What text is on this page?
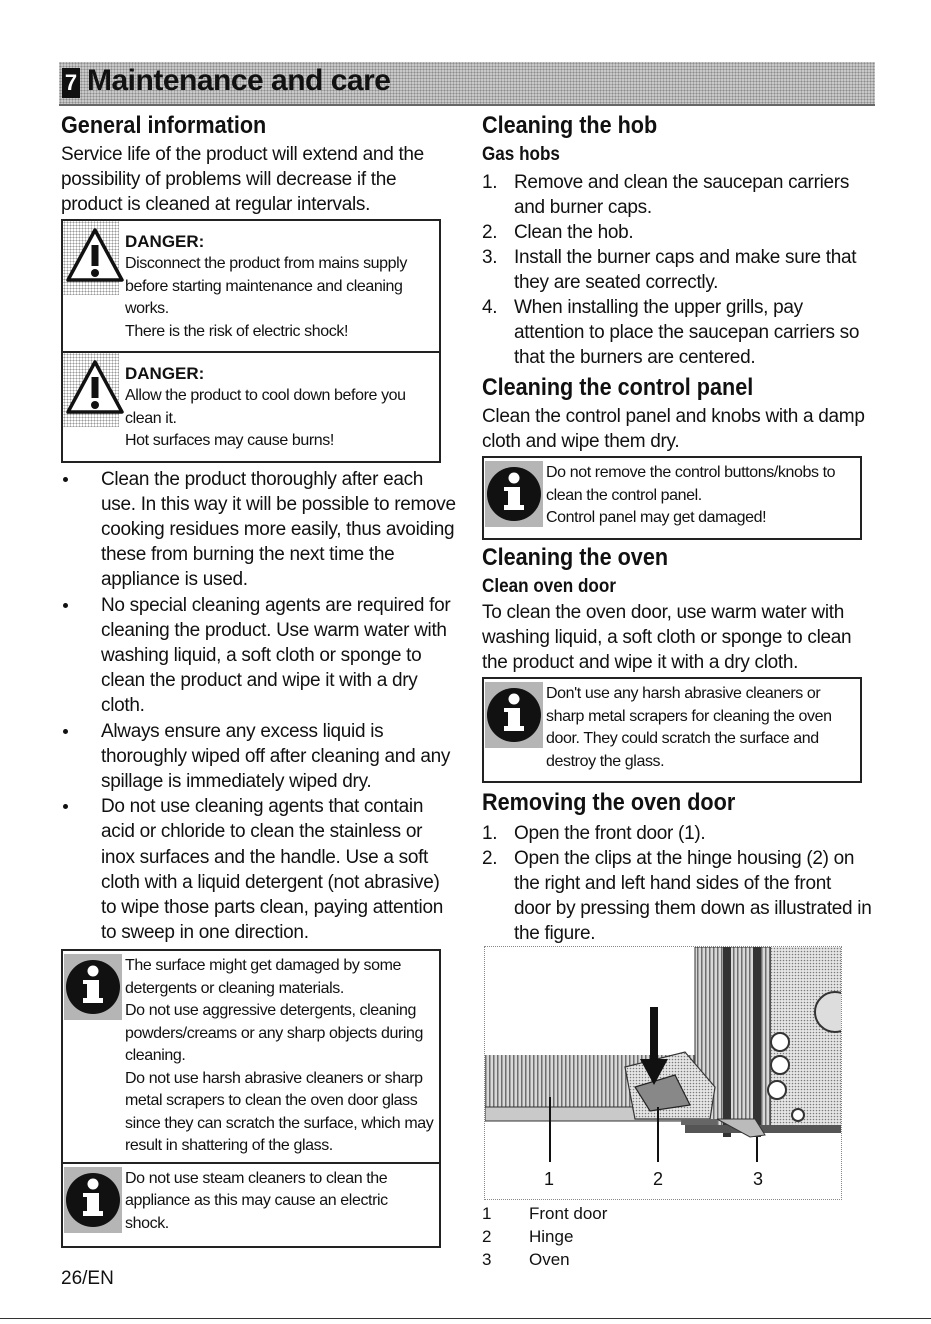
7 Maintenance and care
General information

Service life of the product will extend and the possibility of problems will decrease if the product is cleaned at regular intervals.

DANGER:
Disconnect the product from mains supply before starting maintenance and cleaning works.
There is the risk of electric shock!
DANGER:
Allow the product to cool down before you clean it.
Hot surfaces may cause burns!
Clean the product thoroughly after each use. In this way it will be possible to remove cooking residues more easily, thus avoiding these from burning the next time the appliance is used.
No special cleaning agents are required for cleaning the product. Use warm water with washing liquid, a soft cloth or sponge to clean the product and wipe it with a dry cloth.
Always ensure any excess liquid is thoroughly wiped off after cleaning and any spillage is immediately wiped dry.
Do not use cleaning agents that contain acid or chloride to clean the stainless or inox surfaces and the handle. Use a soft cloth with a liquid detergent (not abrasive) to wipe those parts clean, paying attention to sweep in one direction.
The surface might get damaged by some detergents or cleaning materials.
Do not use aggressive detergents, cleaning powders/creams or any sharp objects during cleaning.
Do not use harsh abrasive cleaners or sharp metal scrapers to clean the oven door glass since they can scratch the surface, which may result in shattering of the glass.
Do not use steam cleaners to clean the appliance as this may cause an electric shock.
Cleaning the hob
Gas hobs
1. Remove and clean the saucepan carriers and burner caps.
2. Clean the hob.
3. Install the burner caps and make sure that they are seated correctly.
4. When installing the upper grills, pay attention to place the saucepan carriers so that the burners are centered.
Cleaning the control panel

Clean the control panel and knobs with a damp cloth and wipe them dry.

Do not remove the control buttons/knobs to clean the control panel.
Control panel may get damaged!
Cleaning the oven
Clean oven door

To clean the oven door, use warm water with washing liquid, a soft cloth or sponge to clean the product and wipe it with a dry cloth.

Don't use any harsh abrasive cleaners or sharp metal scrapers for cleaning the oven door. They could scratch the surface and destroy the glass.
Removing the oven door
1. Open the front door (1).
2. Open the clips at the hinge housing (2) on the right and left hand sides of the front door by pressing them down as illustrated in the figure.
1	2	3
1 Front door
2 Hinge
3 Oven
26/EN
